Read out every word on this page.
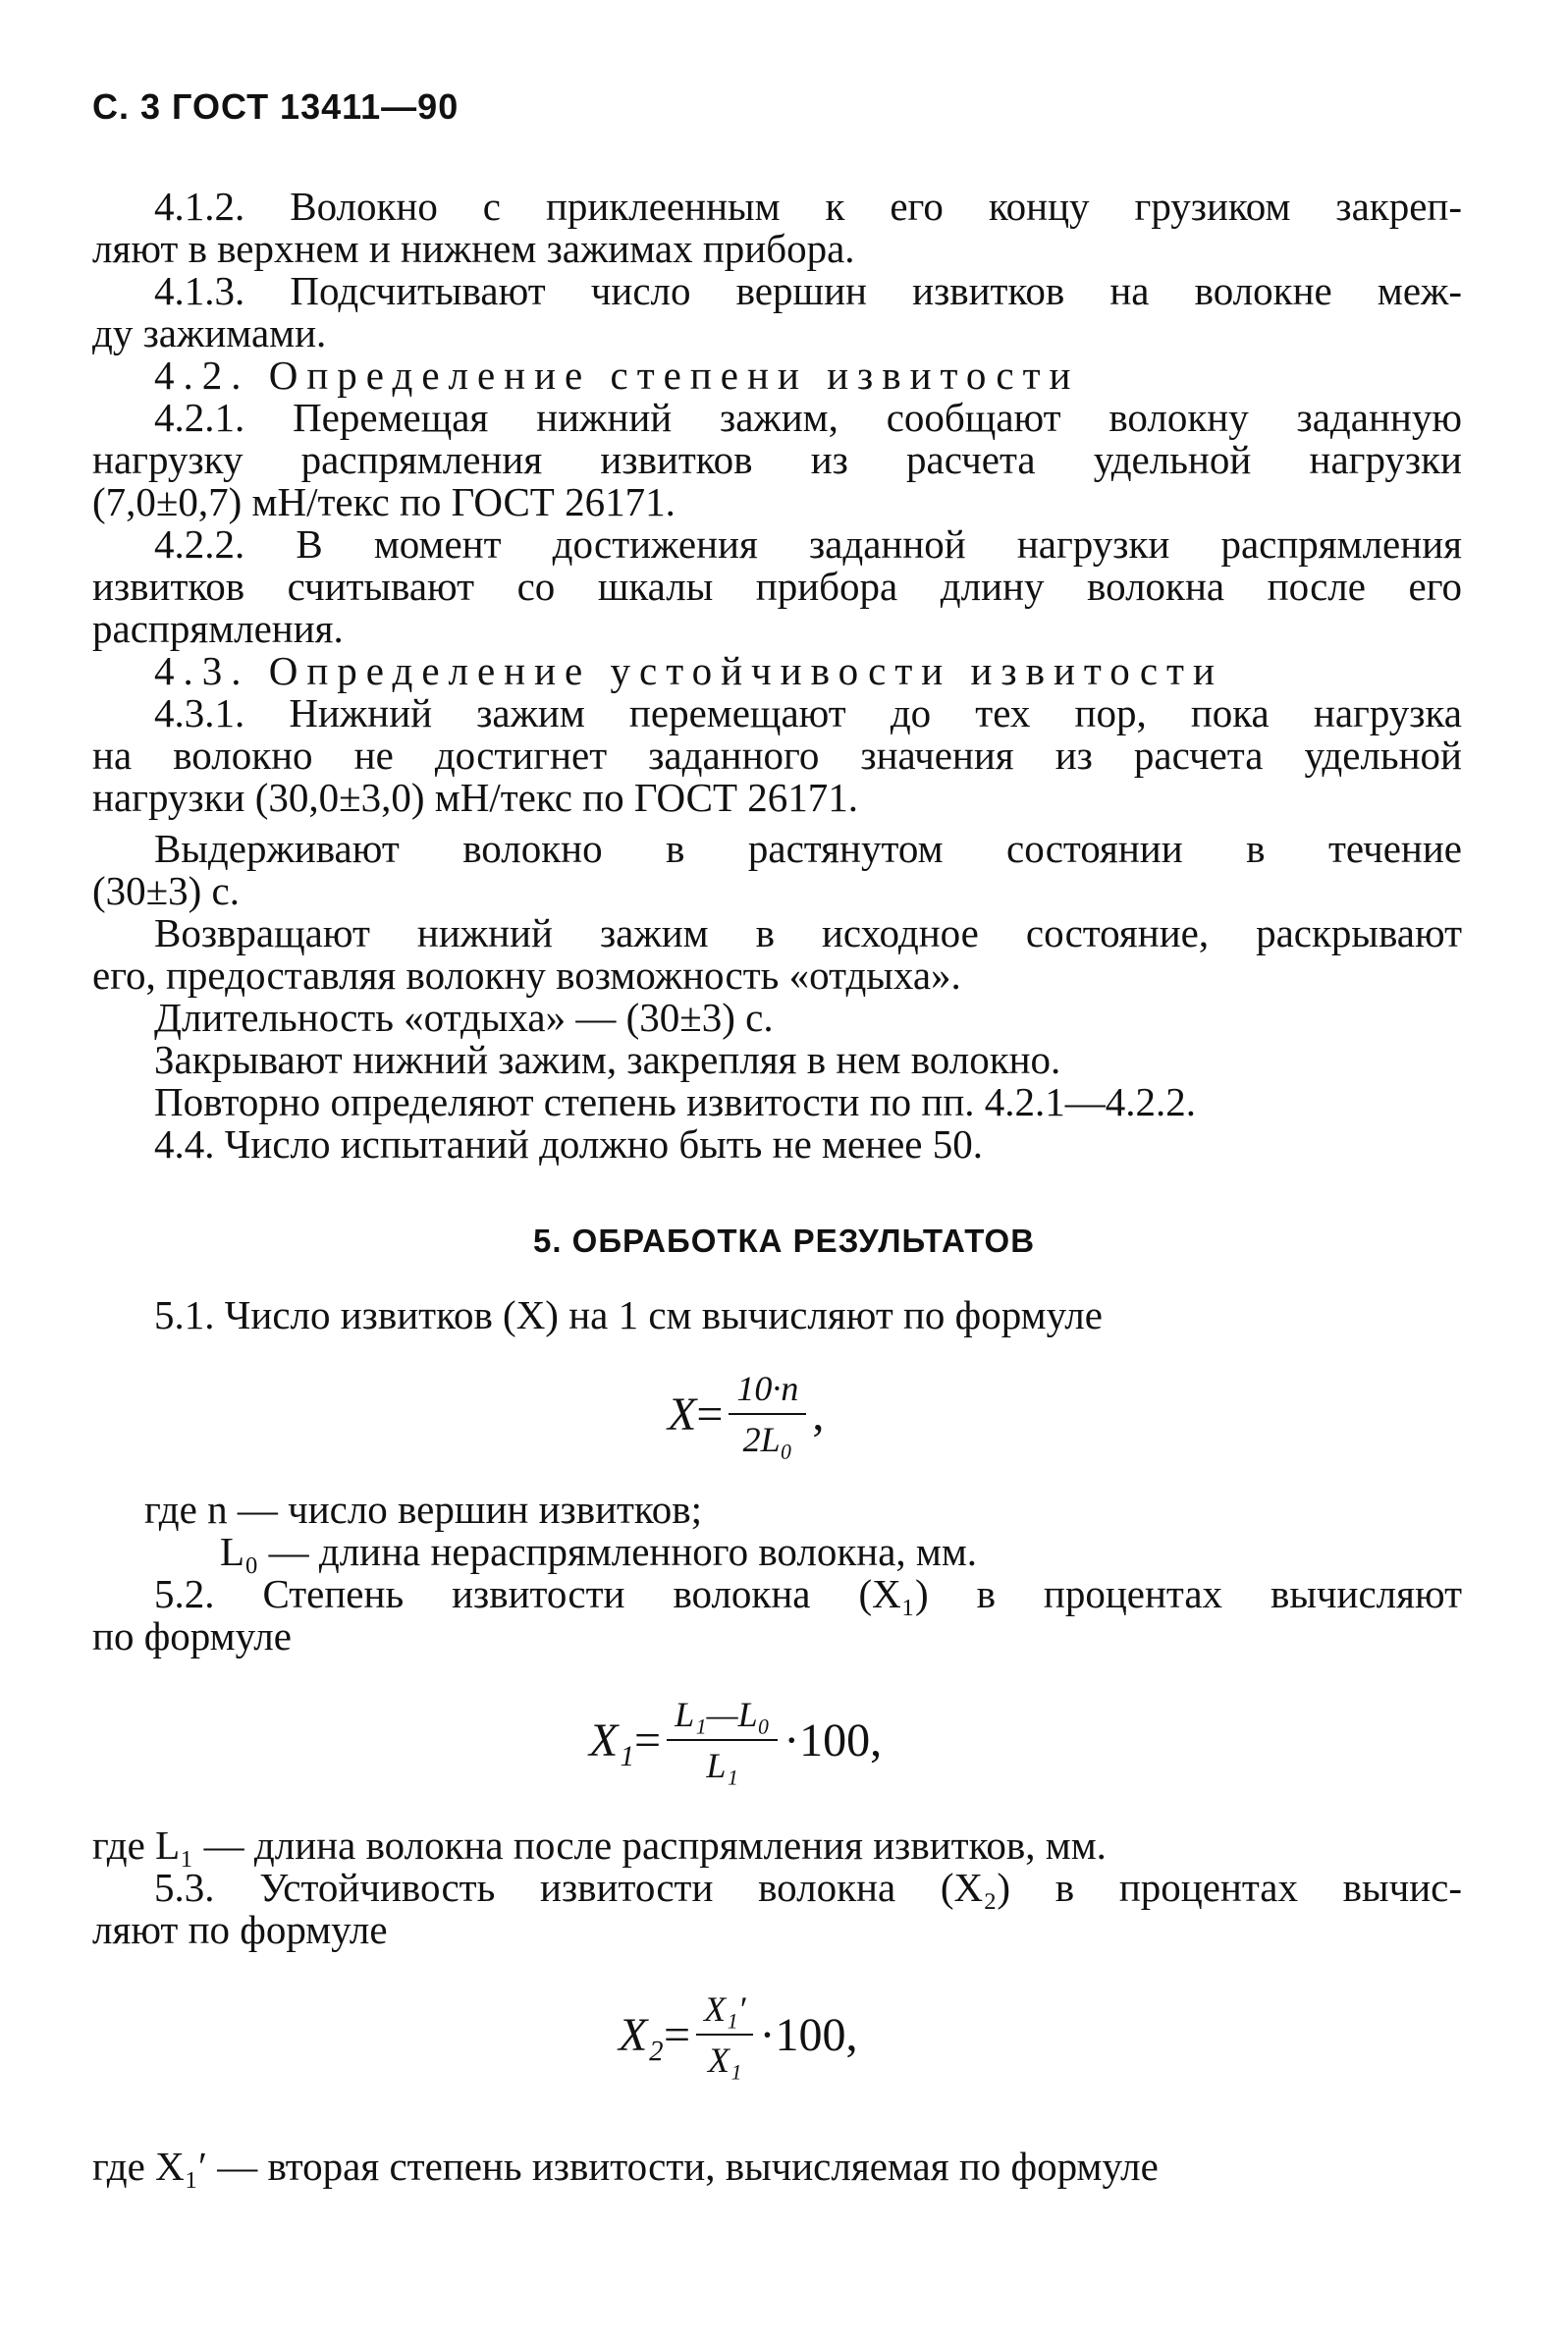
С. 3 ГОСТ 13411—90
4.1.2. Волокно с приклеенным к его концу грузиком закреп-
ляют в верхнем и нижнем зажимах прибора.
4.1.3. Подсчитывают число вершин извитков на волокне меж-
ду зажимами.
4.2. Определение степени извитости
4.2.1. Перемещая нижний зажим, сообщают волокну заданную
нагрузку распрямления извитков из расчета удельной нагрузки
(7,0±0,7) мН/текс по ГОСТ 26171.
4.2.2. В момент достижения заданной нагрузки распрямления
извитков считывают со шкалы прибора длину волокна после его
распрямления.
4.3. Определение устойчивости извитости
4.3.1. Нижний зажим перемещают до тех пор, пока нагрузка
на волокно не достигнет заданного значения из расчета удельной
нагрузки (30,0±3,0) мН/текс по ГОСТ 26171.
Выдерживают волокно в растянутом состоянии в течение
(30±3) с.
Возвращают нижний зажим в исходное состояние, раскрывают
его, предоставляя волокну возможность «отдыха».
Длительность «отдыха» — (30±3) с.
Закрывают нижний зажим, закрепляя в нем волокно.
Повторно определяют степень извитости по пп. 4.2.1—4.2.2.
4.4. Число испытаний должно быть не менее 50.
5. ОБРАБОТКА РЕЗУЛЬТАТОВ
5.1. Число извитков (X) на 1 см вычисляют по формуле
$X = \frac{10\cdot n}{\text{2L₀}}$ ,
где n — число вершин извитков;
L₀ — длина нераспрямленного волокна, мм.
5.2. Степень извитости волокна (X₁) в процентах вычисляют
по формуле
$X_1 = \frac{\text{L₁—L₀}}{\text{L₁}} \cdot 100$,
где L₁ — длина волокна после распрямления извитков, мм.
5.3. Устойчивость извитости волокна (X₂) в процентах вычис-
ляют по формуле
$X_2 = \frac{\text{X₁′}}{\text{X₁}} \cdot 100$,
где X₁′ — вторая степень извитости, вычисляемая по формуле
